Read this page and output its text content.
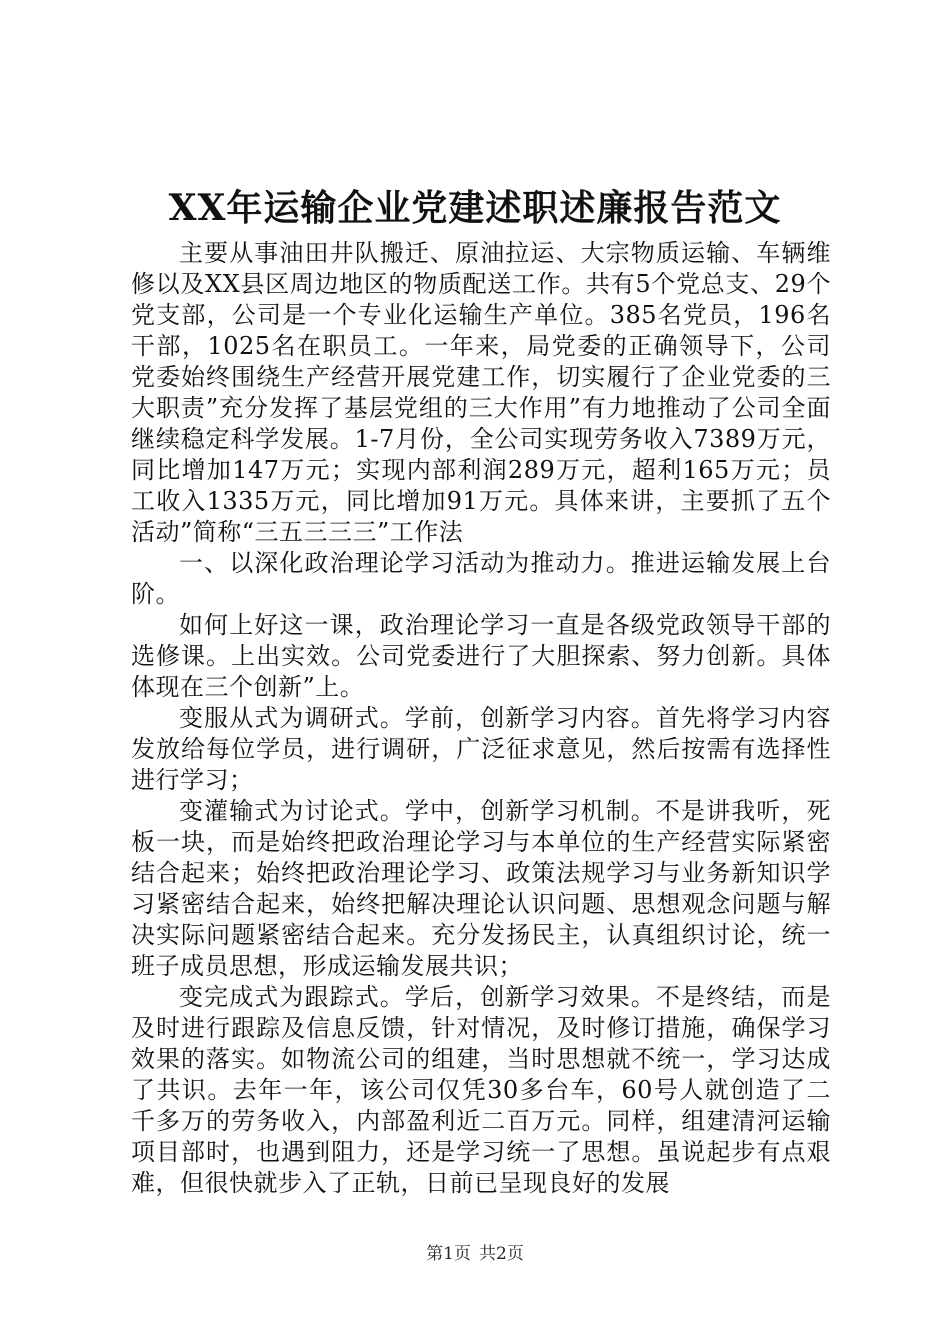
XX年运输企业党建述职述廉报告范文

主要从事油田井队搬迁、原油拉运、大宗物质运输、车辆维修以及XX县区周边地区的物质配送工作。共有5个党总支、29个党支部，公司是一个专业化运输生产单位。385名党员，196名干部，1025名在职员工。一年来，局党委的正确领导下，公司党委始终围绕生产经营开展党建工作，切实履行了企业党委的三大职责”充分发挥了基层党组的三大作用”有力地推动了公司全面继续稳定科学发展。1-7月份，全公司实现劳务收入7389万元，同比增加147万元；实现内部利润289万元，超利165万元；员工收入1335万元，同比增加91万元。具体来讲，主要抓了五个活动”简称“三五三三三”工作法

一、以深化政治理论学习活动为推动力。推进运输发展上台阶。

如何上好这一课，政治理论学习一直是各级党政领导干部的选修课。上出实效。公司党委进行了大胆探索、努力创新。具体体现在三个创新”上。

变服从式为调研式。学前，创新学习内容。首先将学习内容发放给每位学员，进行调研，广泛征求意见，然后按需有选择性进行学习；

变灌输式为讨论式。学中，创新学习机制。不是讲我听，死板一块，而是始终把政治理论学习与本单位的生产经营实际紧密结合起来；始终把政治理论学习、政策法规学习与业务新知识学习紧密结合起来，始终把解决理论认识问题、思想观念问题与解决实际问题紧密结合起来。充分发扬民主，认真组织讨论，统一班子成员思想，形成运输发展共识；

变完成式为跟踪式。学后，创新学习效果。不是终结，而是及时进行跟踪及信息反馈，针对情况，及时修订措施，确保学习效果的落实。如物流公司的组建，当时思想就不统一，学习达成了共识。去年一年，该公司仅凭30多台车，60号人就创造了二千多万的劳务收入，内部盈利近二百万元。同样，组建清河运输项目部时，也遇到阻力，还是学习统一了思想。虽说起步有点艰难，但很快就步入了正轨，日前已呈现良好的发展

第1页 共2页
